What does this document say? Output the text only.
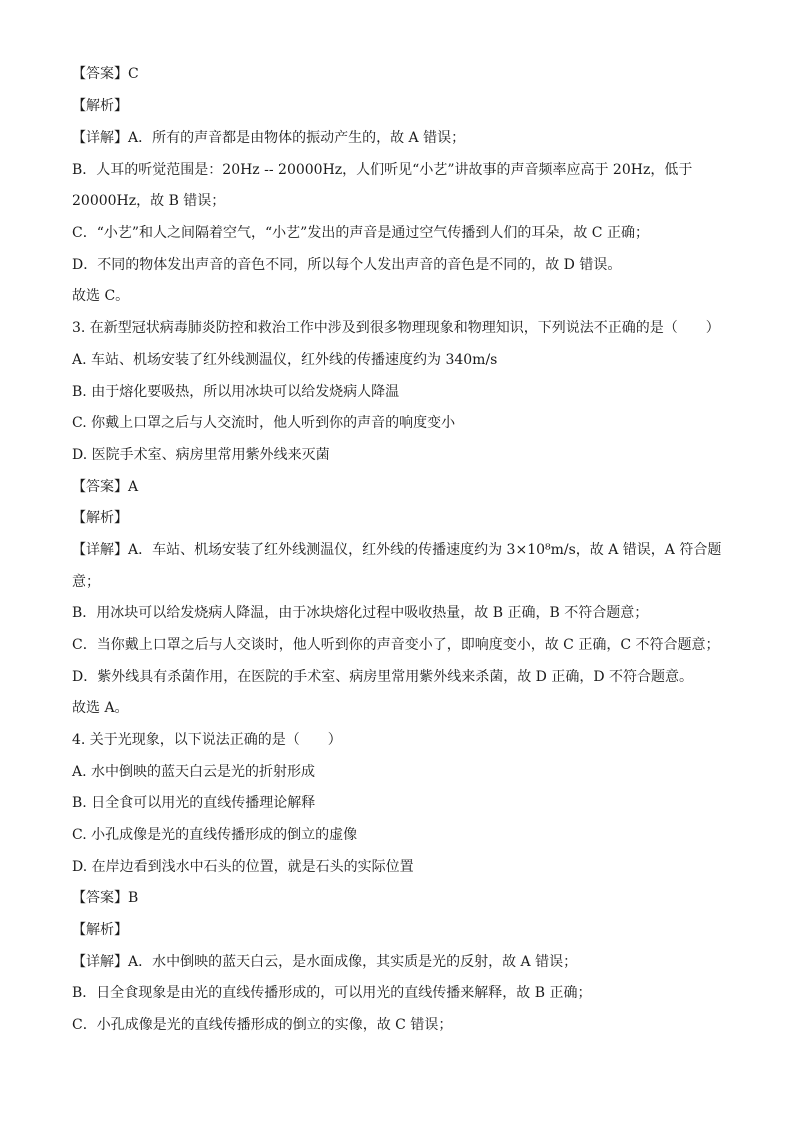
【答案】C

【解析】

【详解】A．所有的声音都是由物体的振动产生的，故 A 错误；

B．人耳的听觉范围是：20Hz -- 20000Hz，人们听见“小艺”讲故事的声音频率应高于 20Hz，低于

20000Hz，故 B 错误；

C．“小艺”和人之间隔着空气，“小艺”发出的声音是通过空气传播到人们的耳朵，故 C 正确；

D．不同的物体发出声音的音色不同，所以每个人发出声音的音色是不同的，故 D 错误。

故选 C。

3. 在新型冠状病毒肺炎防控和救治工作中涉及到很多物理现象和物理知识，下列说法不正确的是（　　）

A. 车站、机场安装了红外线测温仪，红外线的传播速度约为 340m/s

B. 由于熔化要吸热，所以用冰块可以给发烧病人降温

C. 你戴上口罩之后与人交流时，他人听到你的声音的响度变小

D. 医院手术室、病房里常用紫外线来灭菌

【答案】A

【解析】

【详解】A．车站、机场安装了红外线测温仪，红外线的传播速度约为 3×10⁸m/s，故 A 错误，A 符合题

意；

B．用冰块可以给发烧病人降温，由于冰块熔化过程中吸收热量，故 B 正确，B 不符合题意；

C．当你戴上口罩之后与人交谈时，他人听到你的声音变小了，即响度变小，故 C 正确，C 不符合题意；

D．紫外线具有杀菌作用，在医院的手术室、病房里常用紫外线来杀菌，故 D 正确，D 不符合题意。

故选 A。

4. 关于光现象，以下说法正确的是（　　）

A. 水中倒映的蓝天白云是光的折射形成

B. 日全食可以用光的直线传播理论解释

C. 小孔成像是光的直线传播形成的倒立的虚像

D. 在岸边看到浅水中石头的位置，就是石头的实际位置

【答案】B

【解析】

【详解】A．水中倒映的蓝天白云，是水面成像，其实质是光的反射，故 A 错误；

B．日全食现象是由光的直线传播形成的，可以用光的直线传播来解释，故 B 正确；

C．小孔成像是光的直线传播形成的倒立的实像，故 C 错误；
